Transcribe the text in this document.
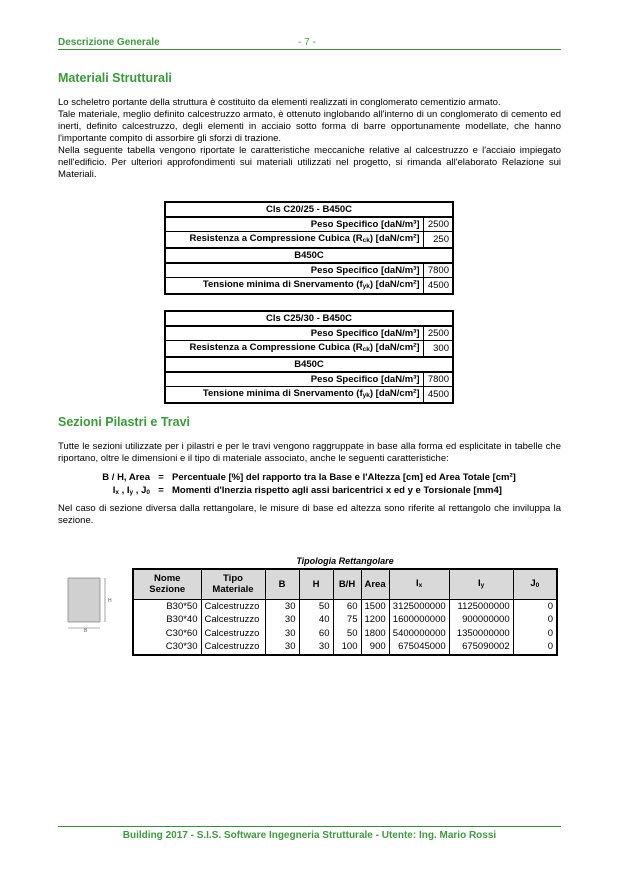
Descrizione Generale	- 7 -
Materiali Strutturali

Lo scheletro portante della struttura è costituito da elementi realizzati in conglomerato cementizio armato.
Tale materiale, meglio definito calcestruzzo armato, è ottenuto inglobando all'interno di un conglomerato di cemento ed inerti, definito calcestruzzo, degli elementi in acciaio sotto forma di barre opportunamente modellate, che hanno l'importante compito di assorbire gli sforzi di trazione.
Nella seguente tabella vengono riportate le caratteristiche meccaniche relative al calcestruzzo e l'acciaio impiegato nell'edificio. Per ulteriori approfondimenti sui materiali utilizzati nel progetto, si rimanda all'elaborato Relazione sui Materiali.

Cls C20/25 - B450C	
Peso Specifico [daN/m³]	2500
Resistenza a Compressione Cubica $(R_{ck})$ [daN/cm²]	250
B450C	
Peso Specifico [daN/m³]	7800
Tensione minima di Snervamento $(f_{yk})$ [daN/cm²]	4500
Cls C25/30 - B450C	
Peso Specifico [daN/m³]	2500
Resistenza a Compressione Cubica $(R_{ck})$ [daN/cm²]	300
B450C	
Peso Specifico [daN/m³]	7800
Tensione minima di Snervamento $(f_{yk})$ [daN/cm²]	4500
Sezioni Pilastri e Travi

Tutte le sezioni utilizzate per i pilastri e per le travi vengono raggruppate in base alla forma ed esplicitate in tabelle che riportano, oltre le dimensioni e il tipo di materiale associato, anche le seguenti caratteristiche:

B / H, Area = Percentuale [%] del rapporto tra la Base e l'Altezza [cm] ed Area Totale [cm²]
$I_x$ , $I_y$ , $J_0$ = Momenti d'Inerzia rispetto agli assi baricentrici x ed y e Torsionale [mm4]

Nel caso di sezione diversa dalla rettangolare, le misure di base ed altezza sono riferite al rettangolo che inviluppa la sezione.

Tipologia Rettangolare
H
B
Nome Sezione	Tipo Materiale	B	H	B/H	Area	$I_x$	$I_y$	$J_0$
B30*50	Calcestruzzo	30	50	60	1500	3125000000	1125000000	0
B30*40	Calcestruzzo	30	40	75	1200	1600000000	900000000	0
C30*60	Calcestruzzo	30	60	50	1800	5400000000	1350000000	0
C30*30	Calcestruzzo	30	30	100	900	675045000	675090002	0
Building 2017 - S.I.S. Software Ingegneria Strutturale - Utente: Ing. Mario Rossi
